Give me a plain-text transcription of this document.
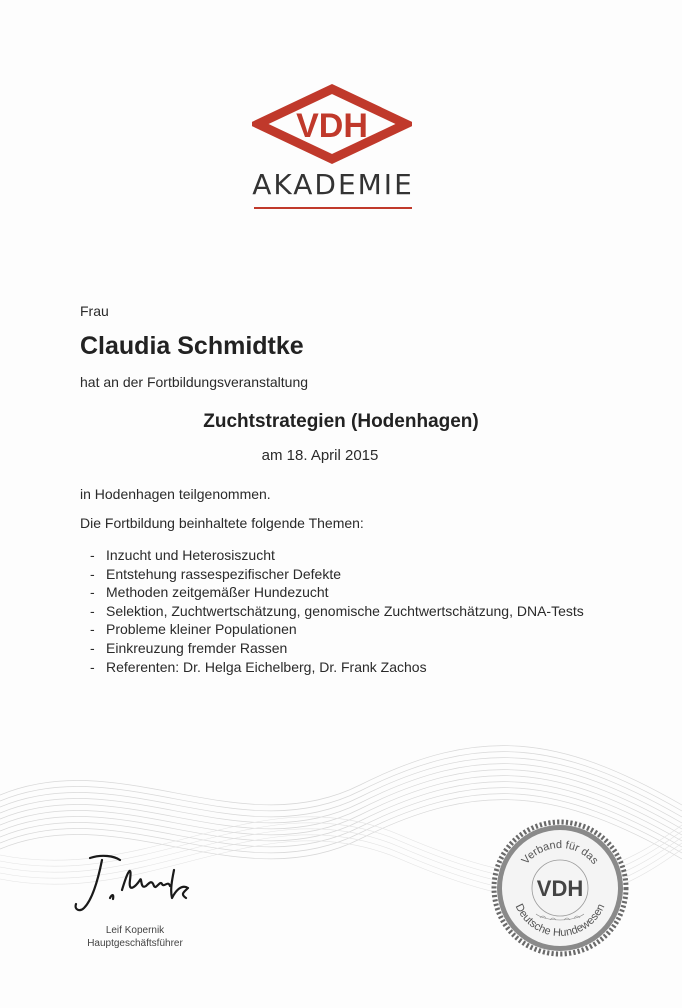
VDH
AKADEMIE

Frau

Claudia Schmidtke

hat an der Fortbildungsveranstaltung

Zuchtstrategien (Hodenhagen)

am 18. April 2015

in Hodenhagen teilgenommen.

Die Fortbildung beinhaltete folgende Themen:

- Inzucht und Heterosiszucht
- Entstehung rassespezifischer Defekte
- Methoden zeitgemäßer Hundezucht
- Selektion, Zuchtwertschätzung, genomische Zuchtwertschätzung, DNA-Tests
- Probleme kleiner Populationen
- Einkreuzung fremder Rassen
- Referenten: Dr. Helga Eichelberg, Dr. Frank Zachos

Leif Kopernik

Hauptgeschäftsführer

Verband für das
VDH
Deutsche Hundewesen
